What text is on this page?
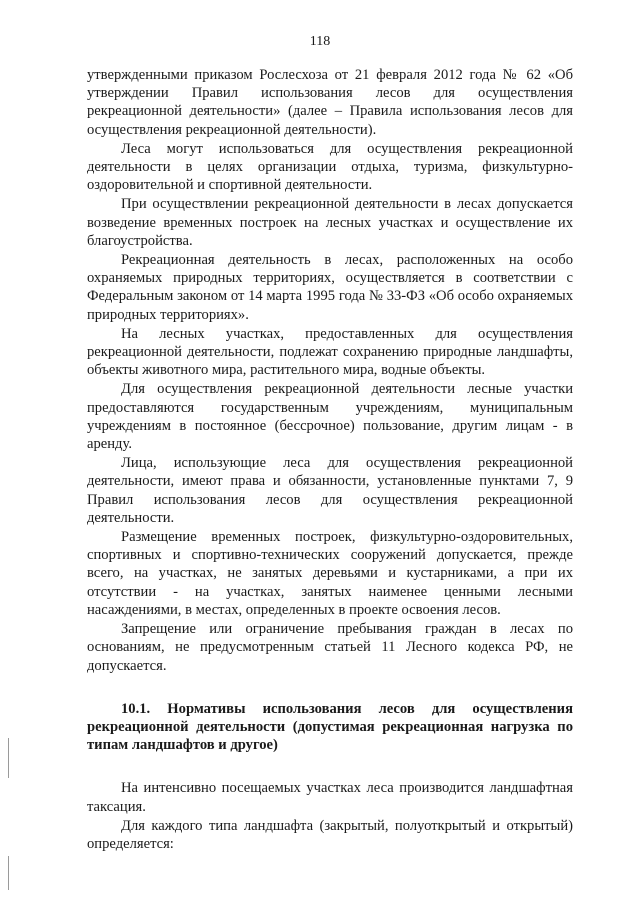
118

утвержденными приказом Рослесхоза от 21 февраля 2012 года № 62 «Об утверждении Правил использования лесов для осуществления рекреационной деятельности» (далее – Правила использования лесов для осуществления рекреационной деятельности).

Леса могут использоваться для осуществления рекреационной деятельности в целях организации отдыха, туризма, физкультурно-оздоровительной и спортивной деятельности.

При осуществлении рекреационной деятельности в лесах допускается возведение временных построек на лесных участках и осуществление их благоустройства.

Рекреационная деятельность в лесах, расположенных на особо охраняемых природных территориях, осуществляется в соответствии с Федеральным законом от 14 марта 1995 года № 33-ФЗ «Об особо охраняемых природных территориях».

На лесных участках, предоставленных для осуществления рекреационной деятельности, подлежат сохранению природные ландшафты, объекты животного мира, растительного мира, водные объекты.

Для осуществления рекреационной деятельности лесные участки предоставляются государственным учреждениям, муниципальным учреждениям в постоянное (бессрочное) пользование, другим лицам - в аренду.

Лица, использующие леса для осуществления рекреационной деятельности, имеют права и обязанности, установленные пунктами 7, 9 Правил использования лесов для осуществления рекреационной деятельности.

Размещение временных построек, физкультурно-оздоровительных, спортивных и спортивно-технических сооружений допускается, прежде всего, на участках, не занятых деревьями и кустарниками, а при их отсутствии - на участках, занятых наименее ценными лесными насаждениями, в местах, определенных в проекте освоения лесов.

Запрещение или ограничение пребывания граждан в лесах по основаниям, не предусмотренным статьей 11 Лесного кодекса РФ, не допускается.

10.1. Нормативы использования лесов для осуществления рекреационной деятельности (допустимая рекреационная нагрузка по типам ландшафтов и другое)

На интенсивно посещаемых участках леса производится ландшафтная таксация.

Для каждого типа ландшафта (закрытый, полуоткрытый и открытый) определяется:
